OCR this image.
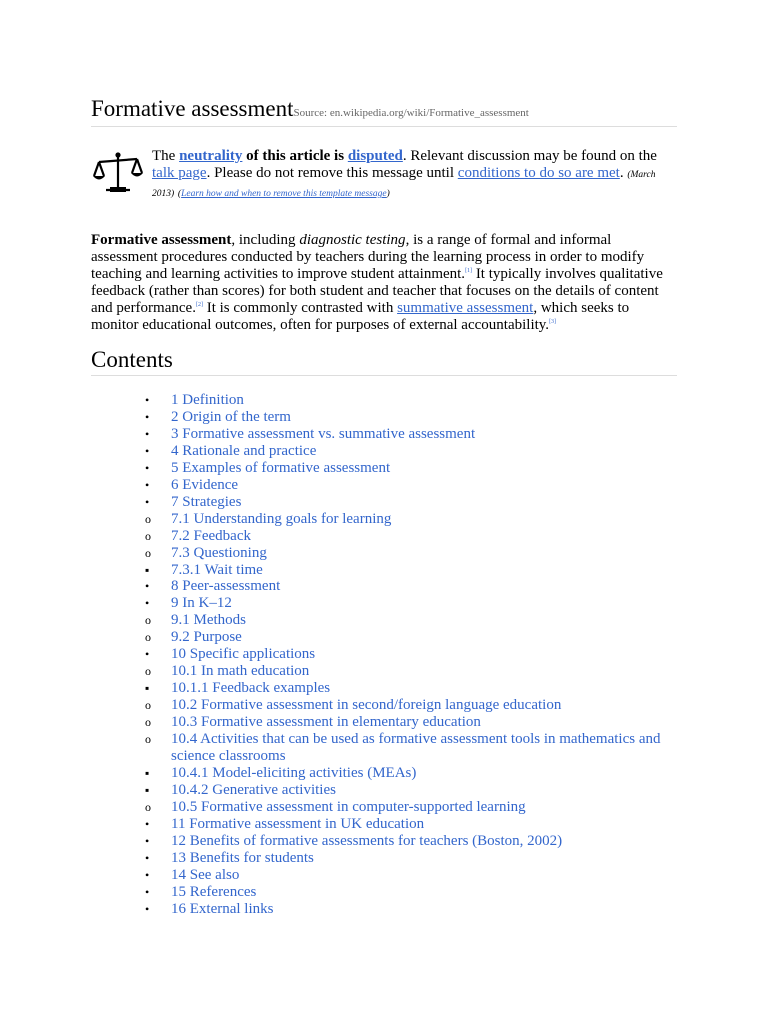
Formative assessmentSource: en.wikipedia.org/wiki/Formative_assessment
The neutrality of this article is disputed. Relevant discussion may be found on the talk page. Please do not remove this message until conditions to do so are met. (March 2013) (Learn how and when to remove this template message)
Formative assessment, including diagnostic testing, is a range of formal and informal assessment procedures conducted by teachers during the learning process in order to modify teaching and learning activities to improve student attainment.[1] It typically involves qualitative feedback (rather than scores) for both student and teacher that focuses on the details of content and performance.[2] It is commonly contrasted with summative assessment, which seeks to monitor educational outcomes, often for purposes of external accountability.[3]
Contents
•	1 Definition
•	2 Origin of the term
•	3 Formative assessment vs. summative assessment
•	4 Rationale and practice
•	5 Examples of formative assessment
•	6 Evidence
•	7 Strategies
o	7.1 Understanding goals for learning
o	7.2 Feedback
o	7.3 Questioning
▪	7.3.1 Wait time
•	8 Peer-assessment
•	9 In K–12
o	9.1 Methods
o	9.2 Purpose
•	10 Specific applications
o	10.1 In math education
▪	10.1.1 Feedback examples
o	10.2 Formative assessment in second/foreign language education
o	10.3 Formative assessment in elementary education
o	10.4 Activities that can be used as formative assessment tools in mathematics and science classrooms
▪	10.4.1 Model-eliciting activities (MEAs)
▪	10.4.2 Generative activities
o	10.5 Formative assessment in computer-supported learning
•	11 Formative assessment in UK education
•	12 Benefits of formative assessments for teachers (Boston, 2002)
•	13 Benefits for students
•	14 See also
•	15 References
•	16 External links
